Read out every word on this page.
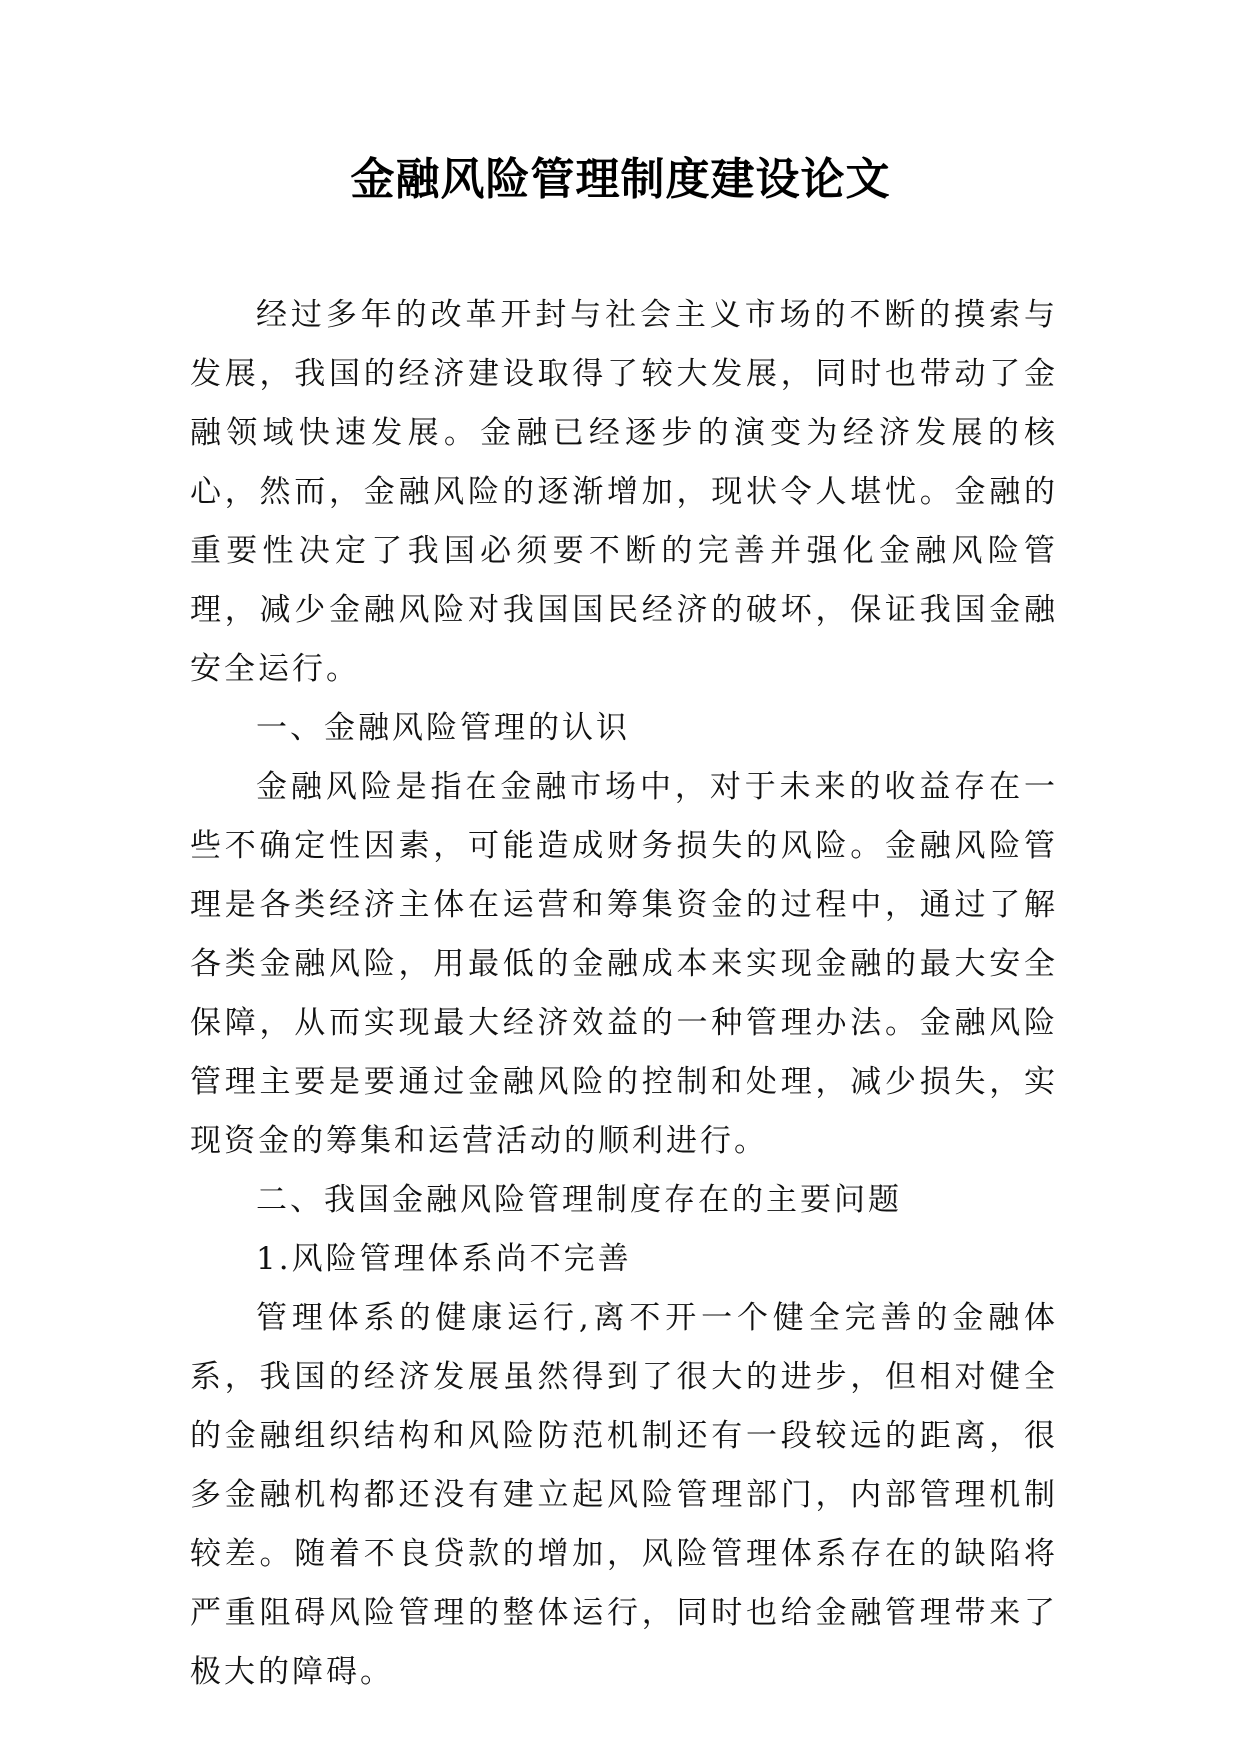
金融风险管理制度建设论文

经过多年的改革开封与社会主义市场的不断的摸索与发展，我国的经济建设取得了较大发展，同时也带动了金融领域快速发展。金融已经逐步的演变为经济发展的核心，然而，金融风险的逐渐增加，现状令人堪忧。金融的重要性决定了我国必须要不断的完善并强化金融风险管理，减少金融风险对我国国民经济的破坏，保证我国金融安全运行。

一、金融风险管理的认识

金融风险是指在金融市场中，对于未来的收益存在一些不确定性因素，可能造成财务损失的风险。金融风险管理是各类经济主体在运营和筹集资金的过程中，通过了解各类金融风险，用最低的金融成本来实现金融的最大安全保障，从而实现最大经济效益的一种管理办法。金融风险管理主要是要通过金融风险的控制和处理，减少损失，实现资金的筹集和运营活动的顺利进行。

二、我国金融风险管理制度存在的主要问题

1.风险管理体系尚不完善

管理体系的健康运行,离不开一个健全完善的金融体系，我国的经济发展虽然得到了很大的进步，但相对健全的金融组织结构和风险防范机制还有一段较远的距离，很多金融机构都还没有建立起风险管理部门，内部管理机制较差。随着不良贷款的增加，风险管理体系存在的缺陷将严重阻碍风险管理的整体运行，同时也给金融管理带来了极大的障碍。
